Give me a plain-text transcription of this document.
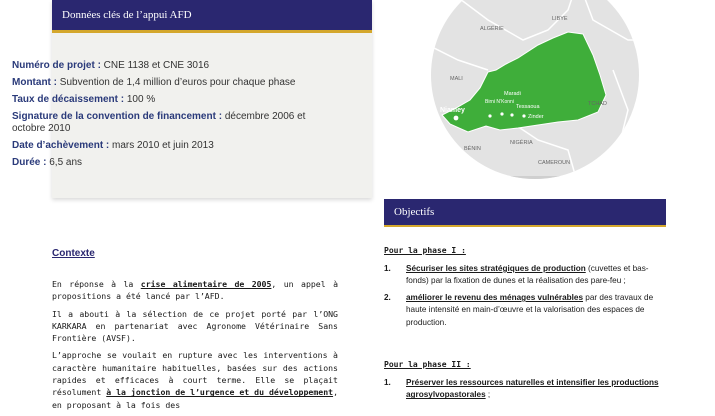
Données clés de l’appui AFD

Numéro de projet : CNE 1138 et CNE 3016

Montant : Subvention de 1,4 million d’euros pour chaque phase

Taux de décaissement : 100 %

Signature de la convention de financement : décembre 2006 et octobre 2010

Date d’achèvement : mars 2010 et juin 2013

Durée : 6,5 ans

ALGÉRIE
LIBYE
MALI
TCHAD
BÉNIN
NIGÉRIA
CAMEROUN
Niamey
Maradi
Birni N’Konni
Tessaoua
Zinder
Contexte

En réponse à la crise alimentaire de 2005, un appel à propositions a été lancé par l’AFD.

Il a abouti à la sélection de ce projet porté par l’ONG KARKARA en partenariat avec Agronome Vétérinaire Sans Frontière (AVSF).

L’approche se voulait en rupture avec les interventions à caractère humanitaire habituelles, basées sur des actions rapides et efficaces à court terme. Elle se plaçait résolument à la jonction de l’urgence et du développement, en proposant à la fois des

Objectifs
Pour la phase I :
1. Sécuriser les sites stratégiques de production (cuvettes et bas-fonds) par la fixation de dunes et la réalisation des pare-feu ;
2. améliorer le revenu des ménages vulnérables par des travaux de haute intensité en main-d’œuvre et la valorisation des espaces de production.
Pour la phase II :
1. Préserver les ressources naturelles et intensifier les productions agrosylvopastorales ;
